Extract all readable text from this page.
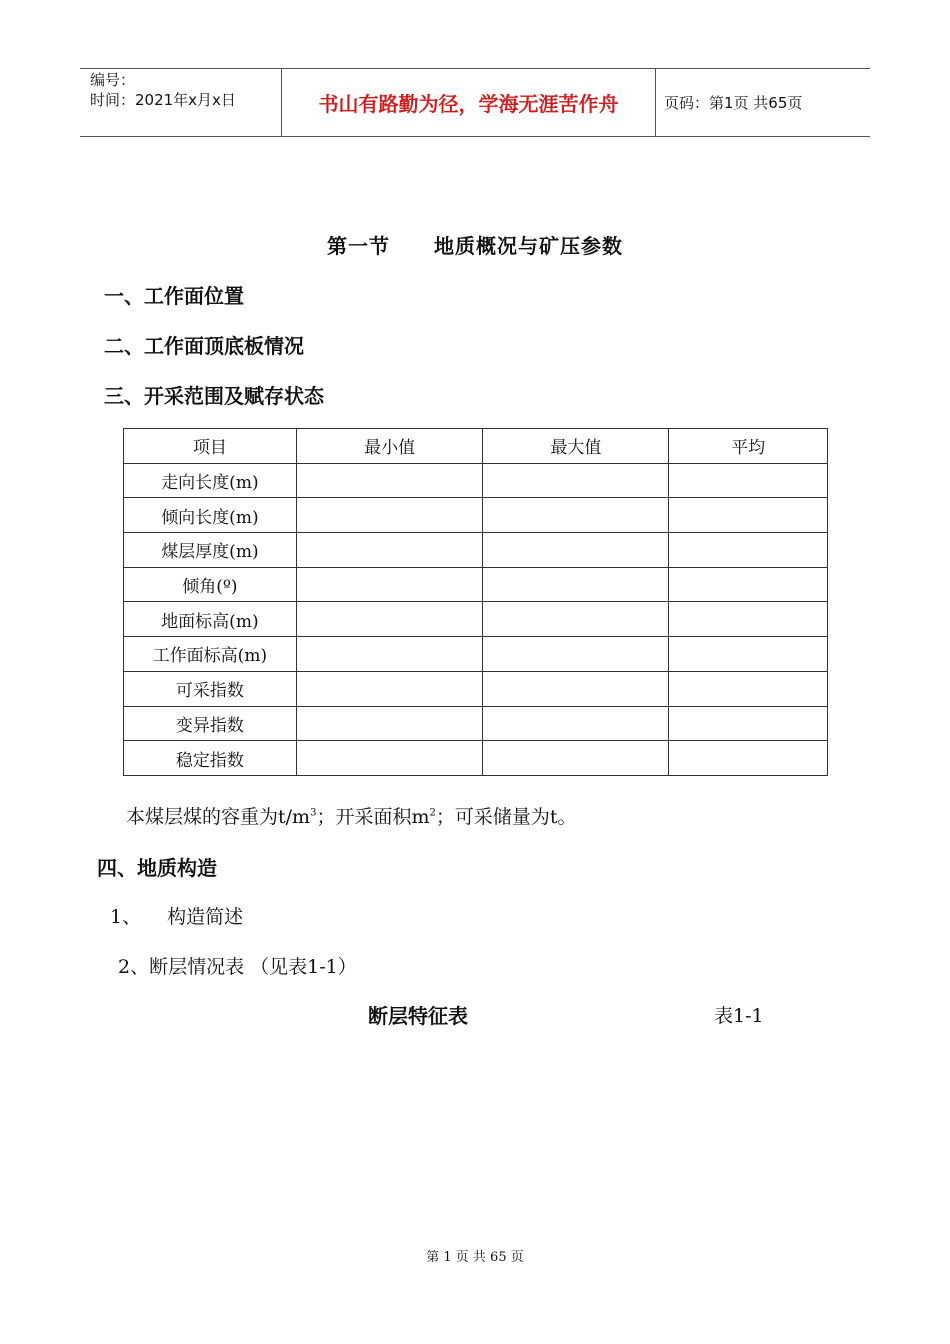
编号：
时间：2021年x月x日	书山有路勤为径，学海无涯苦作舟	页码：第1页 共65页
第一节 地质概况与矿压参数
一、工作面位置
二、工作面顶底板情况
三、开采范围及赋存状态
项目	最小值	最大值	平均
走向长度(m)			
倾向长度(m)			
煤层厚度(m)			
倾角(º)			
地面标高(m)			
工作面标高(m)			
可采指数			
变异指数			
稳定指数			
本煤层煤的容重为$t/m^3$；开采面积$m^2$；可采储量为t。
四、地质构造
1、 构造简述
2、断层情况表 （见表1-1）
断层特征表	表1-1
第 1 页 共 65 页
